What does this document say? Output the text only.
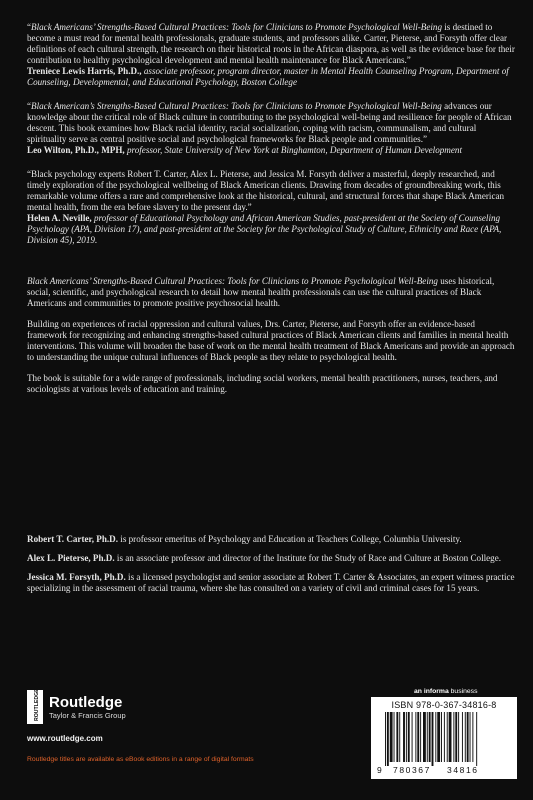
“Black Americans’ Strengths-Based Cultural Practices: Tools for Clinicians to Promote Psychological Well-Being is destined to become a must read for mental health professionals, graduate students, and professors alike. Carter, Pieterse, and Forsyth offer clear definitions of each cultural strength, the research on their historical roots in the African diaspora, as well as the evidence base for their contribution to healthy psychological development and mental health maintenance for Black Americans.”

Treniece Lewis Harris, Ph.D., associate professor, program director, master in Mental Health Counseling Program, Department of Counseling, Developmental, and Educational Psychology, Boston College

“Black American’s Strengths-Based Cultural Practices: Tools for Clinicians to Promote Psychological Well-Being advances our knowledge about the critical role of Black culture in contributing to the psychological well-being and resilience for people of African descent. This book examines how Black racial identity, racial socialization, coping with racism, communalism, and cultural spirituality serve as central positive social and psychological frameworks for Black people and communities.”

Leo Wilton, Ph.D., MPH, professor, State University of New York at Binghamton, Department of Human Development

“Black psychology experts Robert T. Carter, Alex L. Pieterse, and Jessica M. Forsyth deliver a masterful, deeply researched, and timely exploration of the psychological wellbeing of Black American clients. Drawing from decades of groundbreaking work, this remarkable volume offers a rare and comprehensive look at the historical, cultural, and structural forces that shape Black American mental health, from the era before slavery to the present day.”

Helen A. Neville, professor of Educational Psychology and African American Studies, past-president at the Society of Counseling Psychology (APA, Division 17), and past-president at the Society for the Psychological Study of Culture, Ethnicity and Race (APA, Division 45), 2019.

Black Americans’ Strengths-Based Cultural Practices: Tools for Clinicians to Promote Psychological Well-Being uses historical, social, scientific, and psychological research to detail how mental health professionals can use the cultural practices of Black Americans and communities to promote positive psychosocial health.

Building on experiences of racial oppression and cultural values, Drs. Carter, Pieterse, and Forsyth offer an evidence-based framework for recognizing and enhancing strengths-based cultural practices of Black American clients and families in mental health interventions. This volume will broaden the base of work on the mental health treatment of Black Americans and provide an approach to understanding the unique cultural influences of Black people as they relate to psychological health.

The book is suitable for a wide range of professionals, including social workers, mental health practitioners, nurses, teachers, and sociologists at various levels of education and training.

Robert T. Carter, Ph.D. is professor emeritus of Psychology and Education at Teachers College, Columbia University.

Alex L. Pieterse, Ph.D. is an associate professor and director of the Institute for the Study of Race and Culture at Boston College.

Jessica M. Forsyth, Ph.D. is a licensed psychologist and senior associate at Robert T. Carter & Associates, an expert witness practice specializing in the assessment of racial trauma, where she has consulted on a variety of civil and criminal cases for 15 years.

ROUTLEDGE Routledge
Taylor & Francis Group
www.routledge.com
Routledge titles are available as eBook editions in a range of digital formats
an informa business
ISBN 978-0-367-34816-8
9 780367 34816
